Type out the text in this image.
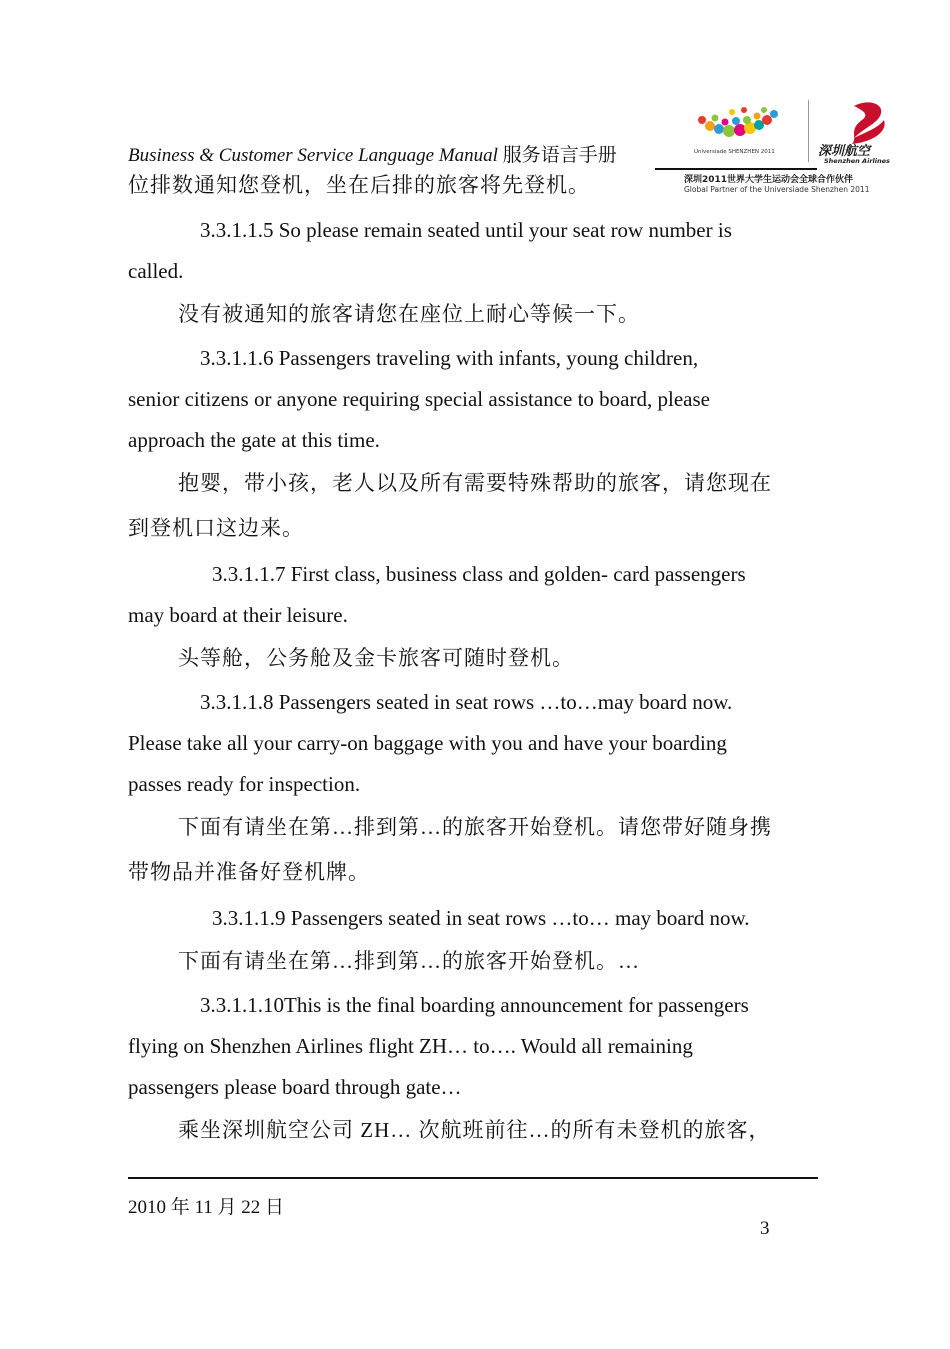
Business & Customer Service Language Manual 服务语言手册	Universiade SHENZHEN 2011	深圳航空
Shenzhen Airlines
深圳2011世界大学生运动会全球合作伙伴
Global Partner of the Universiade Shenzhen 2011
位排数通知您登机，坐在后排的旅客将先登机。
3.3.1.1.5 So please remain seated until your seat row number is
called.
没有被通知的旅客请您在座位上耐心等候一下。
3.3.1.1.6 Passengers traveling with infants, young children,
senior citizens or anyone requiring special assistance to board, please
approach the gate at this time.
抱婴，带小孩，老人以及所有需要特殊帮助的旅客，请您现在
到登机口这边来。
3.3.1.1.7 First class, business class and golden- card passengers
may board at their leisure.
头等舱，公务舱及金卡旅客可随时登机。
3.3.1.1.8 Passengers seated in seat rows …to…may board now.
Please take all your carry-on baggage with you and have your boarding
passes ready for inspection.
下面有请坐在第…排到第…的旅客开始登机。请您带好随身携
带物品并准备好登机牌。
3.3.1.1.9 Passengers seated in seat rows …to… may board now.
下面有请坐在第…排到第…的旅客开始登机。…
3.3.1.1.10This is the final boarding announcement for passengers
flying on Shenzhen Airlines flight ZH… to…. Would all remaining
passengers please board through gate…
乘坐深圳航空公司 ZH… 次航班前往…的所有未登机的旅客，
2010 年 11 月 22 日
3
